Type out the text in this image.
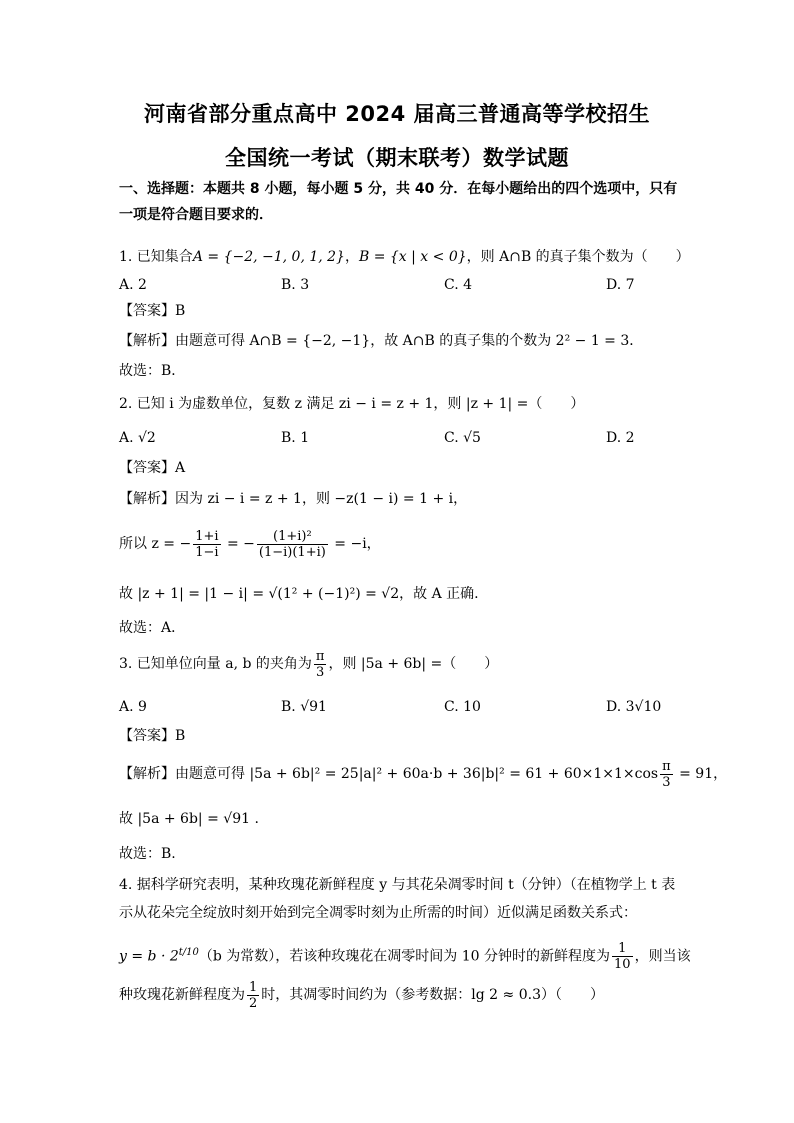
河南省部分重点高中 2024 届高三普通高等学校招生
全国统一考试（期末联考）数学试题
一、选择题：本题共 8 小题，每小题 5 分，共 40 分．在每小题给出的四个选项中，只有
一项是符合题目要求的．
1. 已知集合A = {−2, −1, 0, 1, 2}，B = {x | x < 0}，则 A∩B 的真子集个数为（　　）
A. 2	B. 3	C. 4	D. 7
【答案】B
【解析】由题意可得 A∩B = {−2, −1}，故 A∩B 的真子集的个数为 2² − 1 = 3．
故选：B．
2. 已知 i 为虚数单位，复数 z 满足 zi − i = z + 1，则 |z + 1| =（　　）
A. √2	B. 1	C. √5	D. 2
【答案】A
【解析】因为 zi − i = z + 1，则 −z(1 − i) = 1 + i，
所以 z = − $\frac{1+i}{1-i}$ = − $\frac{\text{(1+i)²}}{(1-i)(1+i)} = -i$，
故 |z + 1| = |1 − i| = √(1² + (−1)²) = √2，故 A 正确.
故选：A．
3. 已知单位向量 a, b 的夹角为 $\frac{\pi}{3}$ ，则 |5a + 6b| =（　　）
A. 9	B. √91	C. 10	D. 3√10
【答案】B
【解析】由题意可得 $|5a + 6b|^2 = 25|a|^2 + 60a\cdot b + 36|b|^2 = 61 + 60\times 1\times 1\times\cos \frac{\pi}{3} = 91$，
故 |5a + 6b| = √91 .
故选：B.
4. 据科学研究表明，某种玫瑰花新鲜程度 y 与其花朵凋零时间 t（分钟）（在植物学上 t 表
示从花朵完全绽放时刻开始到完全凋零时刻为止所需的时间）近似满足函数关系式：
$y = b \cdot 2^{t/10}(b$ 为常数），若该种玫瑰花在凋零时间为 10 分钟时的新鲜程度为 $\frac{1}{10}$ ，则当该
种玫瑰花新鲜程度为 $\frac{1}{2}$ 时，其凋零时间约为（参考数据：lg 2 ≈ 0.3）（　　）
